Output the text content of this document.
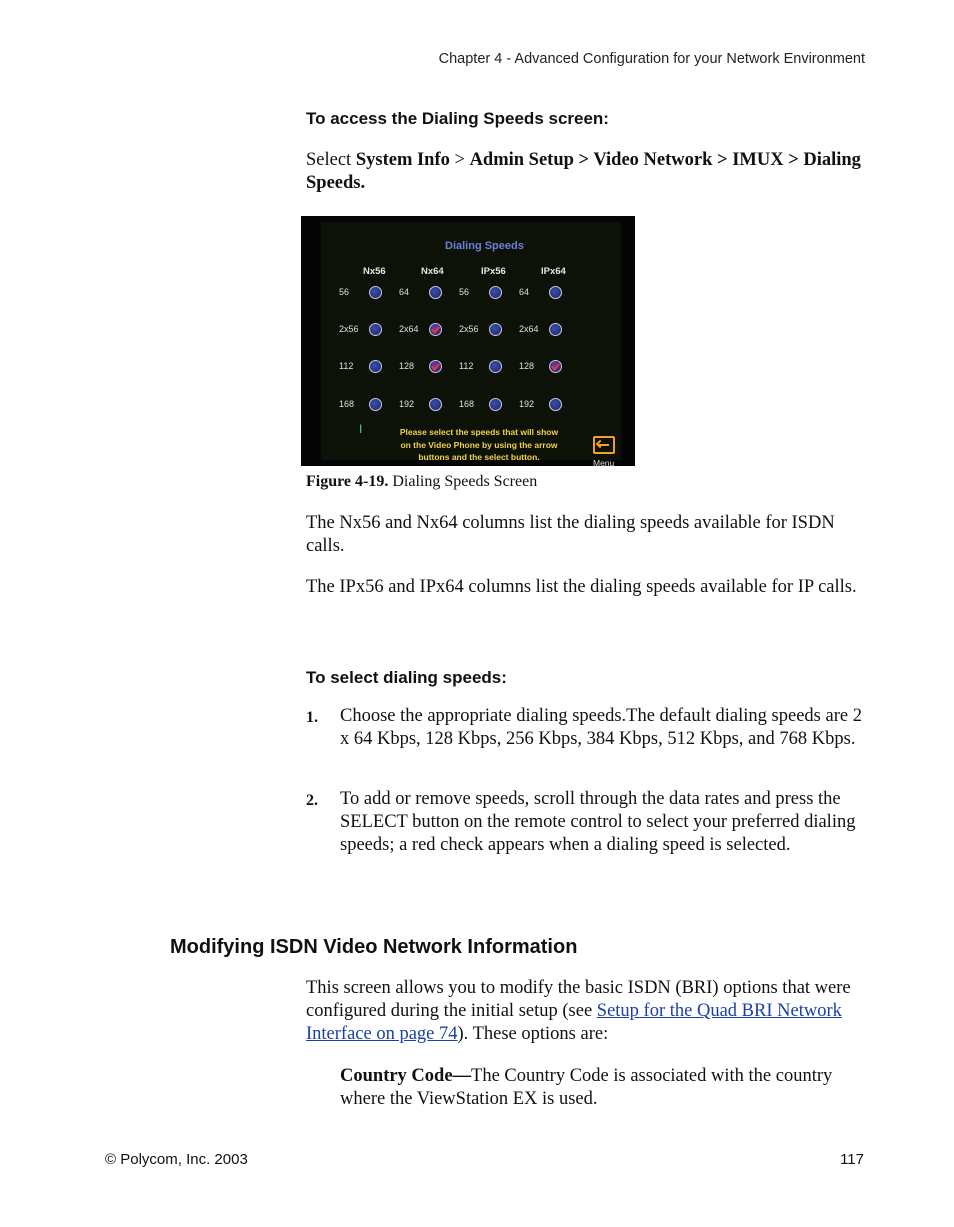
Chapter 4 - Advanced Configuration for your Network Environment
To access the Dialing Speeds screen:
Select System Info > Admin Setup > Video Network > IMUX > Dialing Speeds.
Dialing Speeds
Nx56
56
2x56
112
168
Nx64
64
2x64
128
192
IPx56
56
2x56
112
168
IPx64
64
2x64
128
192
I	Please select the speeds that will show
on the Video Phone by using the arrow
buttons and the select button.
Menu
Figure 4-19. Dialing Speeds Screen
The Nx56 and Nx64 columns list the dialing speeds available for ISDN calls.
The IPx56 and IPx64 columns list the dialing speeds available for IP calls.
To select dialing speeds:
1. Choose the appropriate dialing speeds.The default dialing speeds are 2 x 64 Kbps, 128 Kbps, 256 Kbps, 384 Kbps, 512 Kbps, and 768 Kbps.
2. To add or remove speeds, scroll through the data rates and press the SELECT button on the remote control to select your preferred dialing speeds; a red check appears when a dialing speed is selected.
Modifying ISDN Video Network Information
This screen allows you to modify the basic ISDN (BRI) options that were configured during the initial setup (see Setup for the Quad BRI Network Interface on page 74). These options are:
Country Code—The Country Code is associated with the country where the ViewStation EX is used.
© Polycom, Inc. 2003	117
